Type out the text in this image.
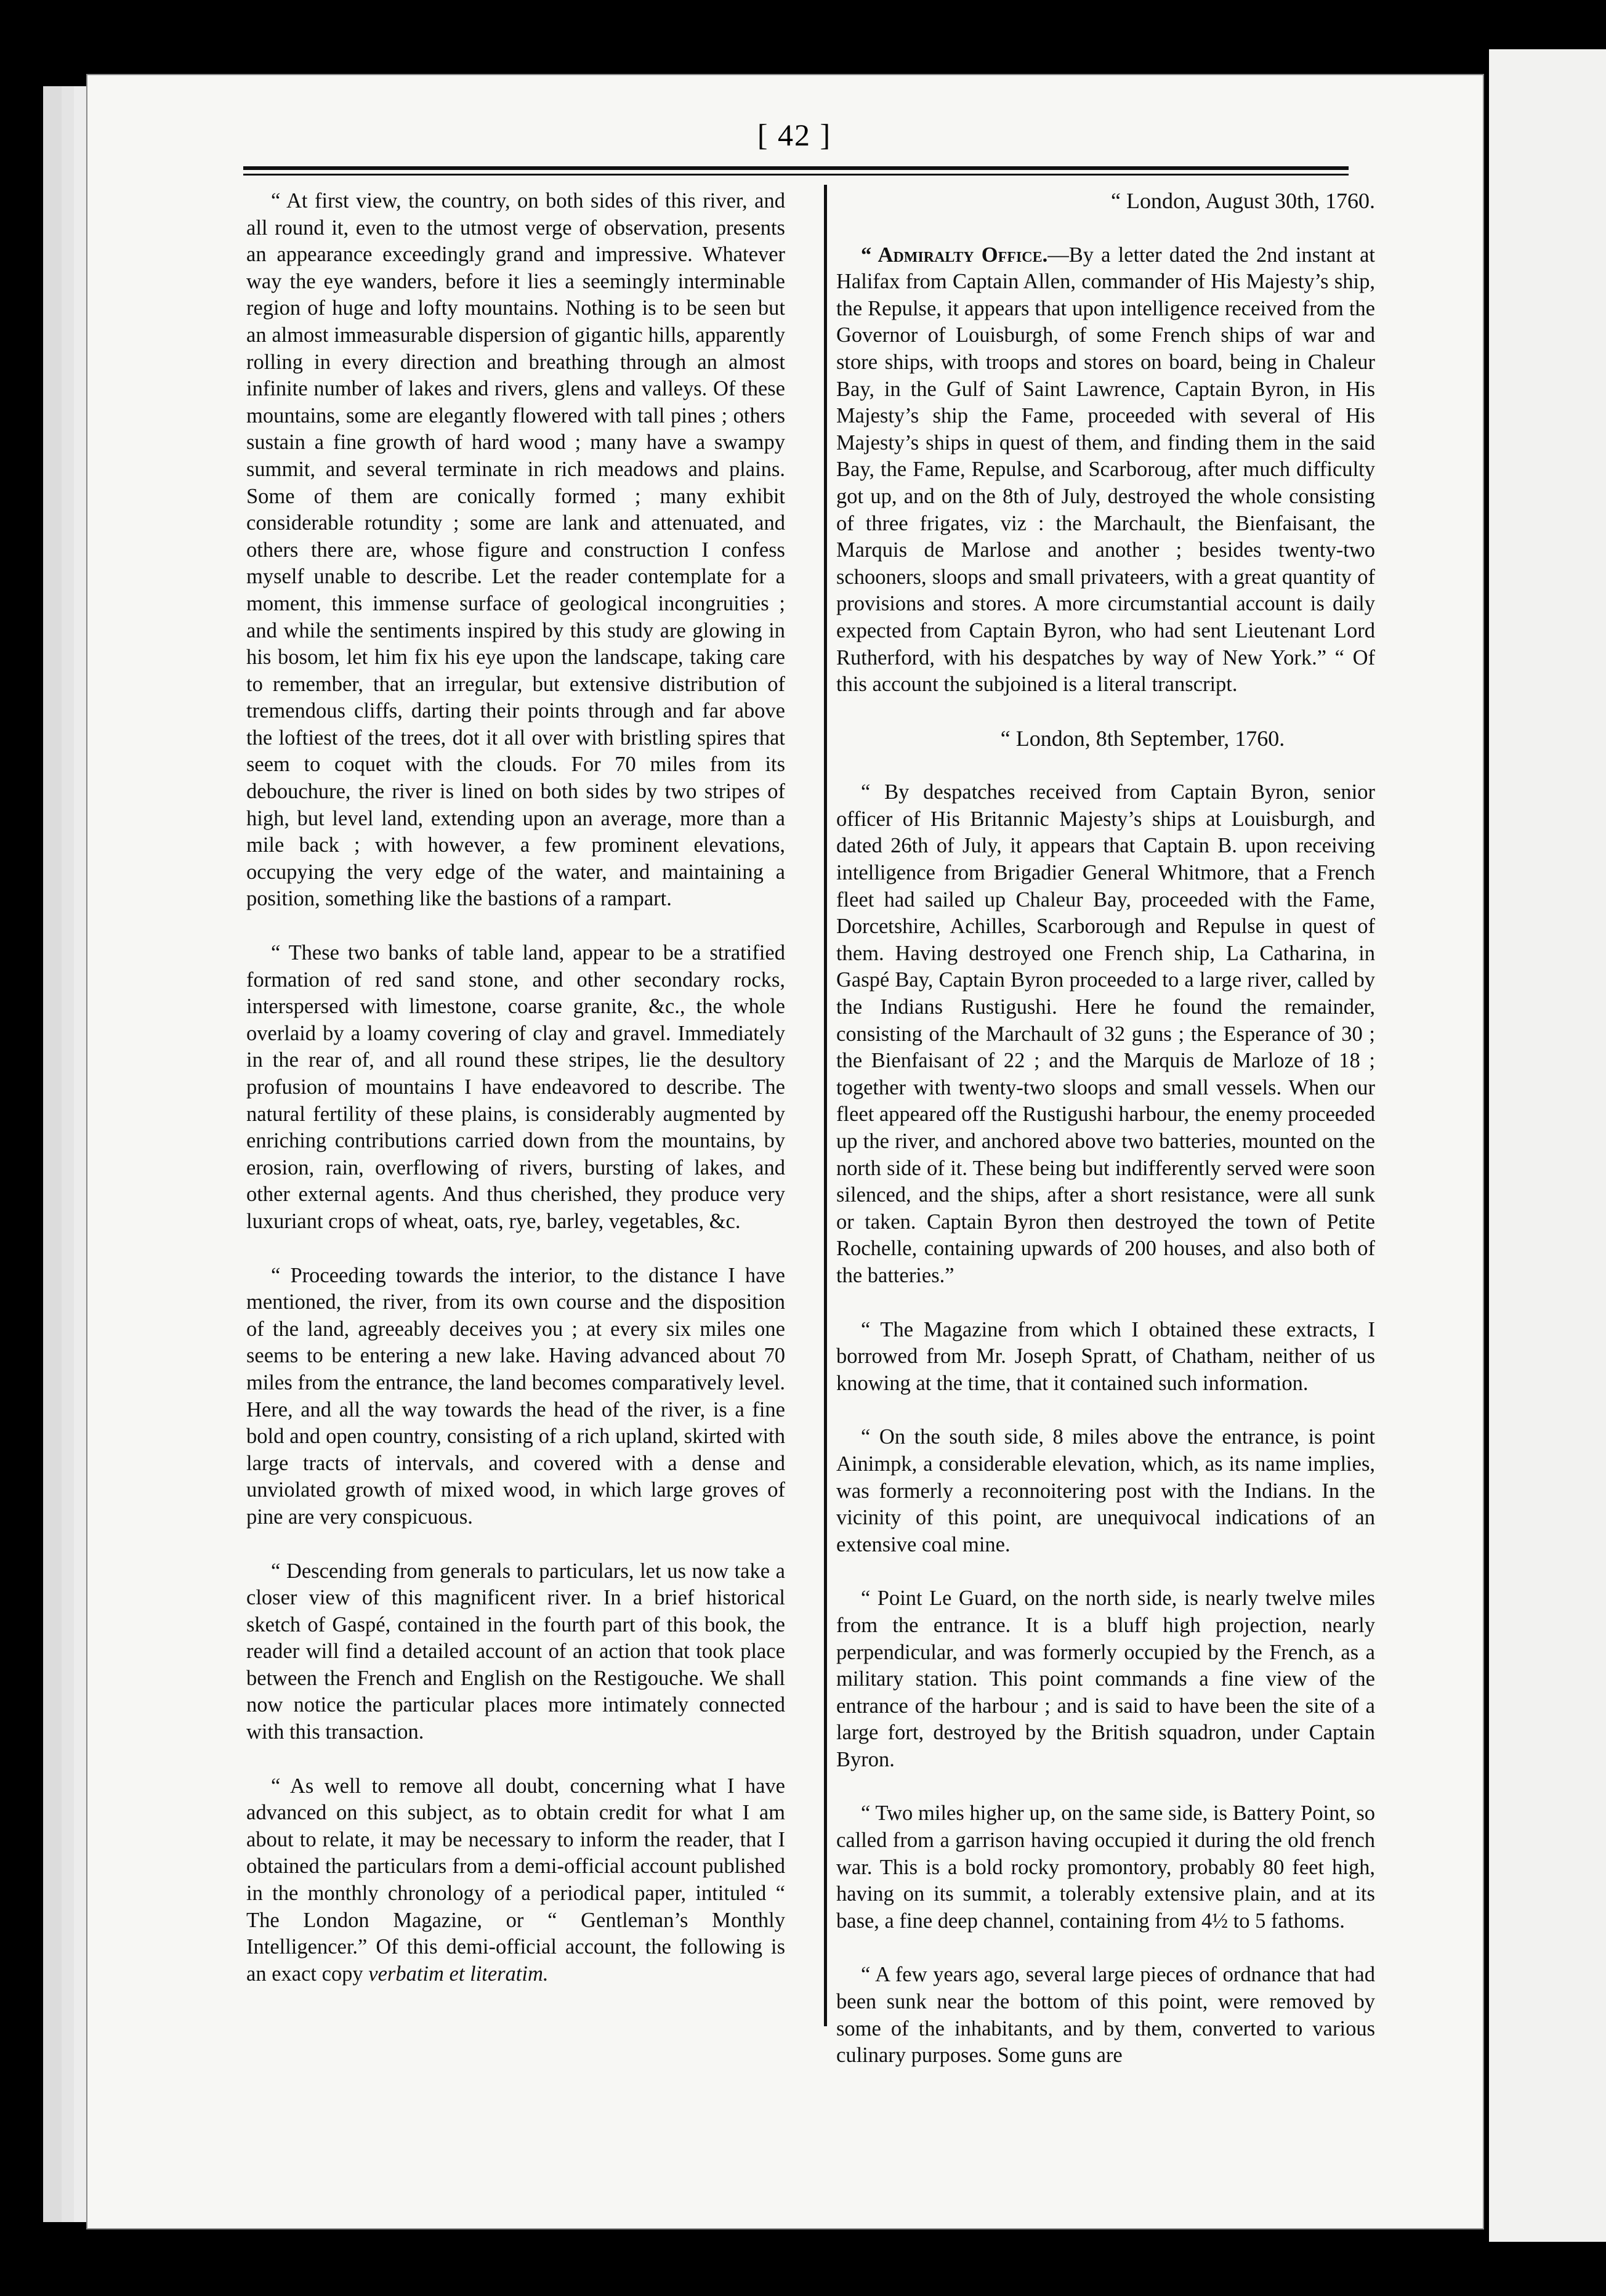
[ 42 ]

“ At first view, the country, on both sides of this river, and all round it, even to the utmost verge of observation, presents an appearance exceedingly grand and impressive. Whatever way the eye wanders, before it lies a seemingly interminable region of huge and lofty mountains. Nothing is to be seen but an almost immeasurable dispersion of gigantic hills, apparently rolling in every direction and breathing through an almost infinite number of lakes and rivers, glens and valleys. Of these mountains, some are elegantly flowered with tall pines ; others sustain a fine growth of hard wood ; many have a swampy summit, and several terminate in rich meadows and plains. Some of them are conically formed ; many exhibit considerable rotundity ; some are lank and attenuated, and others there are, whose figure and construction I confess myself unable to describe. Let the reader contemplate for a moment, this immense surface of geological incongruities ; and while the sentiments inspired by this study are glowing in his bosom, let him fix his eye upon the landscape, taking care to remember, that an irregular, but extensive distribution of tremendous cliffs, darting their points through and far above the loftiest of the trees, dot it all over with bristling spires that seem to coquet with the clouds. For 70 miles from its debouchure, the river is lined on both sides by two stripes of high, but level land, extending upon an average, more than a mile back ; with however, a few prominent elevations, occupying the very edge of the water, and maintaining a position, something like the bastions of a rampart.

“ These two banks of table land, appear to be a stratified formation of red sand stone, and other secondary rocks, interspersed with limestone, coarse granite, &c., the whole overlaid by a loamy covering of clay and gravel. Immediately in the rear of, and all round these stripes, lie the desultory profusion of mountains I have endeavored to describe. The natural fertility of these plains, is considerably augmented by enriching contributions carried down from the mountains, by erosion, rain, overflowing of rivers, bursting of lakes, and other external agents. And thus cherished, they produce very luxuriant crops of wheat, oats, rye, barley, vegetables, &c.

“ Proceeding towards the interior, to the distance I have mentioned, the river, from its own course and the disposition of the land, agreeably deceives you ; at every six miles one seems to be entering a new lake. Having advanced about 70 miles from the entrance, the land becomes comparatively level. Here, and all the way towards the head of the river, is a fine bold and open country, consisting of a rich upland, skirted with large tracts of intervals, and covered with a dense and unviolated growth of mixed wood, in which large groves of pine are very conspicuous.

“ Descending from generals to particulars, let us now take a closer view of this magnificent river. In a brief historical sketch of Gaspé, contained in the fourth part of this book, the reader will find a detailed account of an action that took place between the French and English on the Restigouche. We shall now notice the particular places more intimately connected with this transaction.

“ As well to remove all doubt, concerning what I have advanced on this subject, as to obtain credit for what I am about to relate, it may be necessary to inform the reader, that I obtained the particulars from a demi-official account published in the monthly chronology of a periodical paper, intituled “ The London Magazine, or “ Gentleman’s Monthly Intelligencer.” Of this demi-official account, the following is an exact copy verbatim et literatim.

“ London, August 30th, 1760.

“ Admiralty Office.—By a letter dated the 2nd instant at Halifax from Captain Allen, commander of His Majesty’s ship, the Repulse, it appears that upon intelligence received from the Governor of Louisburgh, of some French ships of war and store ships, with troops and stores on board, being in Chaleur Bay, in the Gulf of Saint Lawrence, Captain Byron, in His Majesty’s ship the Fame, proceeded with several of His Majesty’s ships in quest of them, and finding them in the said Bay, the Fame, Repulse, and Scarboroug, after much difficulty got up, and on the 8th of July, destroyed the whole consisting of three frigates, viz : the Marchault, the Bienfaisant, the Marquis de Marlose and another ; besides twenty-two schooners, sloops and small privateers, with a great quantity of provisions and stores. A more circumstantial account is daily expected from Captain Byron, who had sent Lieutenant Lord Rutherford, with his despatches by way of New York.” “ Of this account the subjoined is a literal transcript.

“ London, 8th September, 1760.

“ By despatches received from Captain Byron, senior officer of His Britannic Majesty’s ships at Louisburgh, and dated 26th of July, it appears that Captain B. upon receiving intelligence from Brigadier General Whitmore, that a French fleet had sailed up Chaleur Bay, proceeded with the Fame, Dorcetshire, Achilles, Scarborough and Repulse in quest of them. Having destroyed one French ship, La Catharina, in Gaspé Bay, Captain Byron proceeded to a large river, called by the Indians Rustigushi. Here he found the remainder, consisting of the Marchault of 32 guns ; the Esperance of 30 ; the Bienfaisant of 22 ; and the Marquis de Marloze of 18 ; together with twenty-two sloops and small vessels. When our fleet appeared off the Rustigushi harbour, the enemy proceeded up the river, and anchored above two batteries, mounted on the north side of it. These being but indifferently served were soon silenced, and the ships, after a short resistance, were all sunk or taken. Captain Byron then destroyed the town of Petite Rochelle, containing upwards of 200 houses, and also both of the batteries.”

“ The Magazine from which I obtained these extracts, I borrowed from Mr. Joseph Spratt, of Chatham, neither of us knowing at the time, that it contained such information.

“ On the south side, 8 miles above the entrance, is point Ainimpk, a considerable elevation, which, as its name implies, was formerly a reconnoitering post with the Indians. In the vicinity of this point, are unequivocal indications of an extensive coal mine.

“ Point Le Guard, on the north side, is nearly twelve miles from the entrance. It is a bluff high projection, nearly perpendicular, and was formerly occupied by the French, as a military station. This point commands a fine view of the entrance of the harbour ; and is said to have been the site of a large fort, destroyed by the British squadron, under Captain Byron.

“ Two miles higher up, on the same side, is Battery Point, so called from a garrison having occupied it during the old french war. This is a bold rocky promontory, probably 80 feet high, having on its summit, a tolerably extensive plain, and at its base, a fine deep channel, containing from 4½ to 5 fathoms.

“ A few years ago, several large pieces of ordnance that had been sunk near the bottom of this point, were removed by some of the inhabitants, and by them, converted to various culinary purposes. Some guns are
